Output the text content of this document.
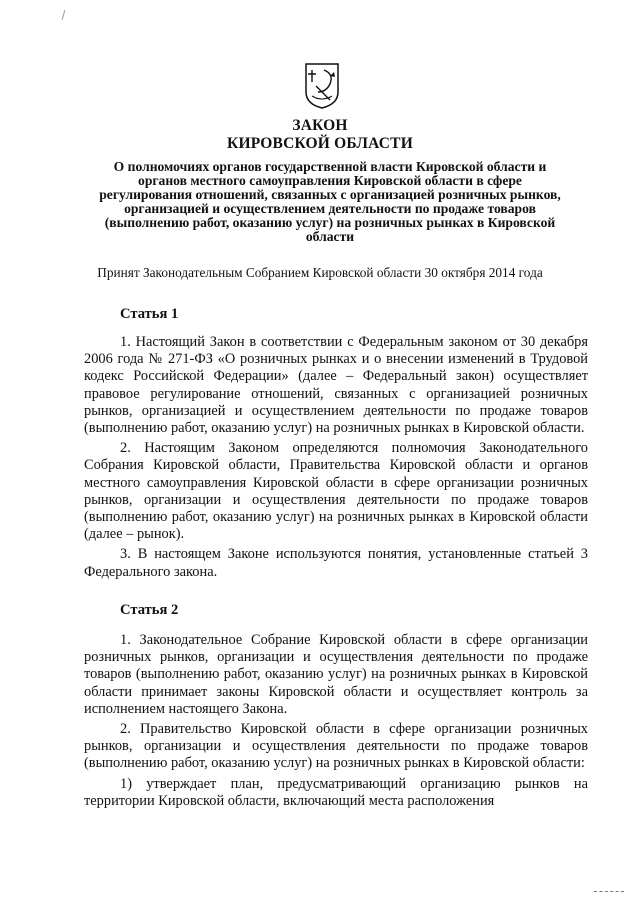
ЗАКОН
КИРОВСКОЙ ОБЛАСТИ

О полномочиях органов государственной власти Кировской области и органов местного самоуправления Кировской области в сфере регулирования отношений, связанных с организацией розничных рынков, организацией и осуществлением деятельности по продаже товаров (выполнению работ, оказанию услуг) на розничных рынках в Кировской области

Принят Законодательным Собранием Кировской области 30 октября 2014 года
Статья 1

1. Настоящий Закон в соответствии с Федеральным законом от 30 декабря 2006 года № 271-ФЗ «О розничных рынках и о внесении изменений в Трудовой кодекс Российской Федерации» (далее – Федеральный закон) осуществляет правовое регулирование отношений, связанных с организацией розничных рынков, организацией и осуществлением деятельности по продаже товаров (выполнению работ, оказанию услуг) на розничных рынках в Кировской области.

2. Настоящим Законом определяются полномочия Законодательного Собрания Кировской области, Правительства Кировской области и органов местного самоуправления Кировской области в сфере организации розничных рынков, организации и осуществления деятельности по продаже товаров (выполнению работ, оказанию услуг) на розничных рынках в Кировской области (далее – рынок).

3. В настоящем Законе используются понятия, установленные статьей 3 Федерального закона.

Статья 2

1. Законодательное Собрание Кировской области в сфере организации розничных рынков, организации и осуществления деятельности по продаже товаров (выполнению работ, оказанию услуг) на розничных рынках в Кировской области принимает законы Кировской области и осуществляет контроль за исполнением настоящего Закона.

2. Правительство Кировской области в сфере организации розничных рынков, организации и осуществления деятельности по продаже товаров (выполнению работ, оказанию услуг) на розничных рынках в Кировской области:

1) утверждает план, предусматривающий организацию рынков на территории Кировской области, включающий места расположения
